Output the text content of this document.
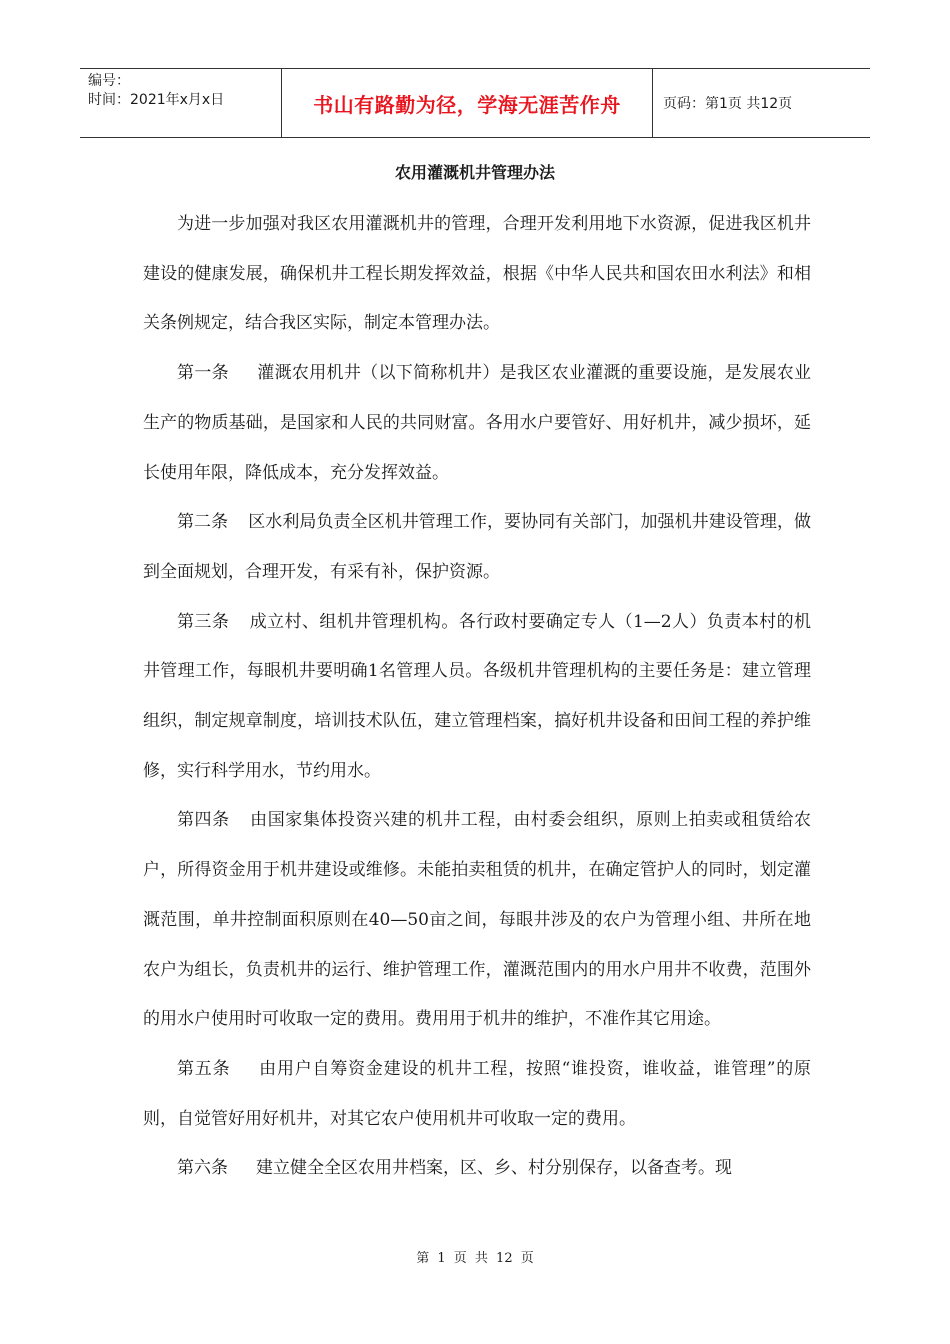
编号：
时间：2021年x月x日	书山有路勤为径，学海无涯苦作舟	页码：第1页 共12页
农用灌溉机井管理办法

为进一步加强对我区农用灌溉机井的管理，合理开发利用地下水资源，促进我区机井建设的健康发展，确保机井工程长期发挥效益，根据《中华人民共和国农田水利法》和相关条例规定，结合我区实际，制定本管理办法。

第一条 灌溉农用机井（以下简称机井）是我区农业灌溉的重要设施，是发展农业生产的物质基础，是国家和人民的共同财富。各用水户要管好、用好机井，减少损坏，延长使用年限，降低成本，充分发挥效益。

第二条 区水利局负责全区机井管理工作，要协同有关部门，加强机井建设管理，做到全面规划，合理开发，有采有补，保护资源。

第三条 成立村、组机井管理机构。各行政村要确定专人（1—2人）负责本村的机井管理工作，每眼机井要明确1名管理人员。各级机井管理机构的主要任务是：建立管理组织，制定规章制度，培训技术队伍，建立管理档案，搞好机井设备和田间工程的养护维修，实行科学用水，节约用水。

第四条 由国家集体投资兴建的机井工程，由村委会组织，原则上拍卖或租赁给农户，所得资金用于机井建设或维修。未能拍卖租赁的机井，在确定管护人的同时，划定灌溉范围，单井控制面积原则在40—50亩之间，每眼井涉及的农户为管理小组、井所在地农户为组长，负责机井的运行、维护管理工作，灌溉范围内的用水户用井不收费，范围外的用水户使用时可收取一定的费用。费用用于机井的维护，不准作其它用途。

第五条 由用户自筹资金建设的机井工程，按照“谁投资，谁收益，谁管理”的原则，自觉管好用好机井，对其它农户使用机井可收取一定的费用。

第六条 建立健全全区农用井档案，区、乡、村分别保存，以备查考。现

第 1 页 共 12 页
